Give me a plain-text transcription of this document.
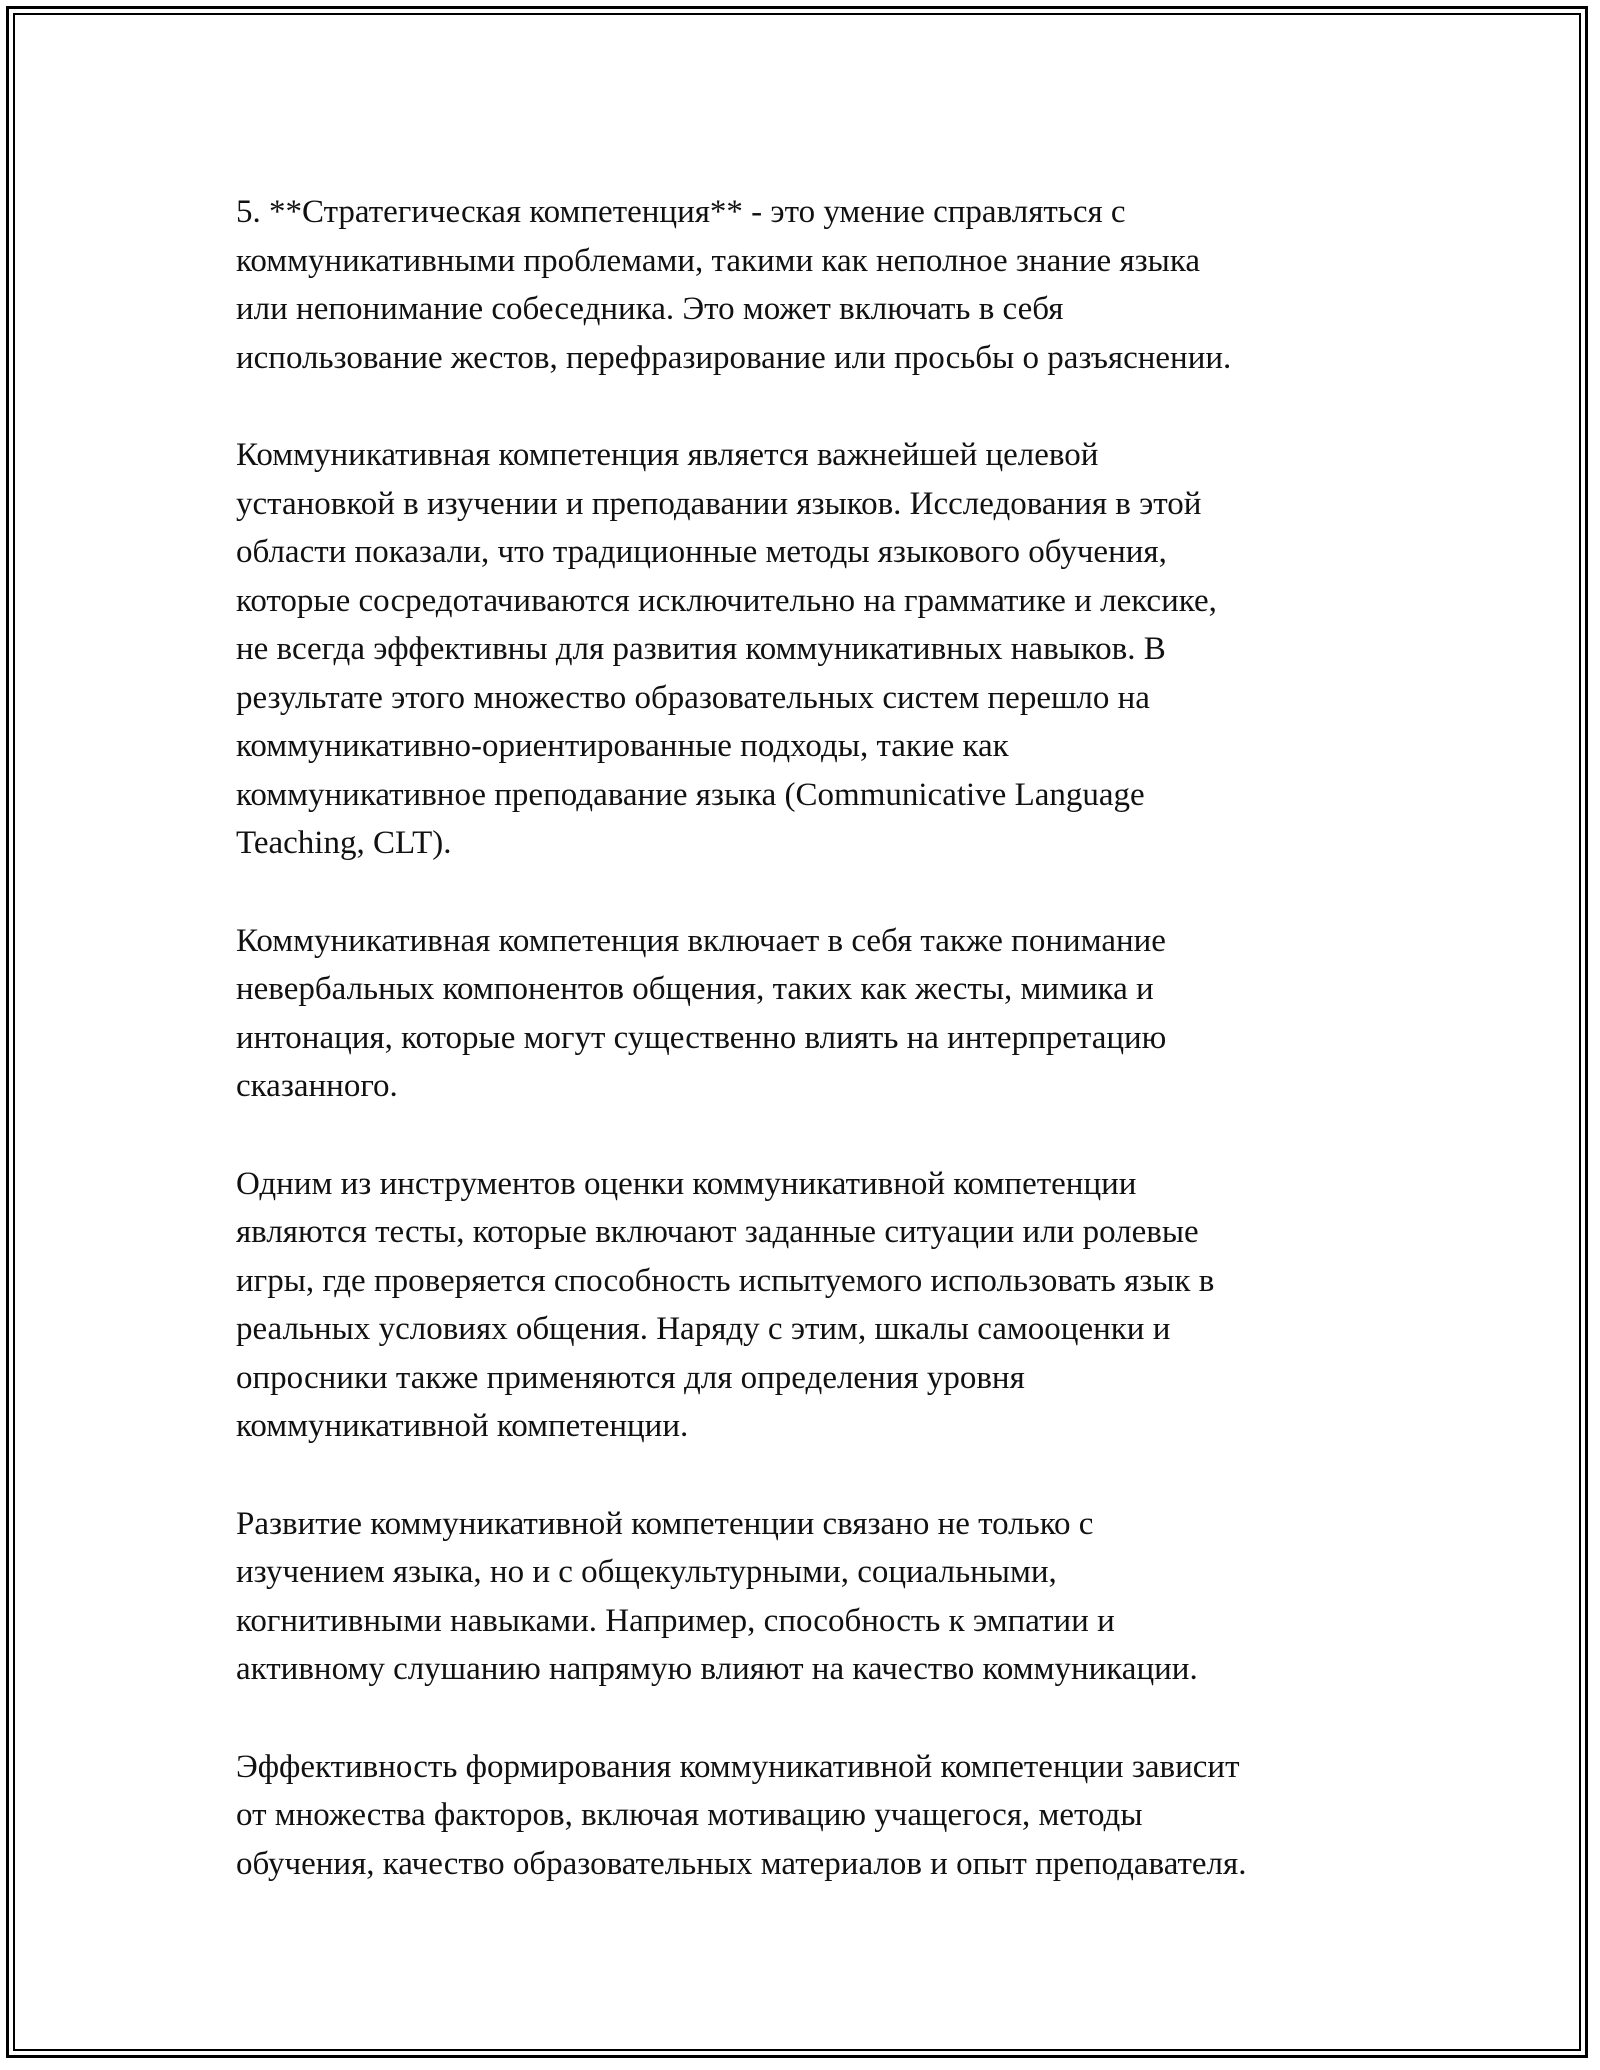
5. **Стратегическая компетенция** - это умение справляться с
коммуникативными проблемами, такими как неполное знание языка
или непонимание собеседника. Это может включать в себя
использование жестов, перефразирование или просьбы о разъяснении.

Коммуникативная компетенция является важнейшей целевой
установкой в изучении и преподавании языков. Исследования в этой
области показали, что традиционные методы языкового обучения,
которые сосредотачиваются исключительно на грамматике и лексике,
не всегда эффективны для развития коммуникативных навыков. В
результате этого множество образовательных систем перешло на
коммуникативно-ориентированные подходы, такие как
коммуникативное преподавание языка (Communicative Language
Teaching, CLT).

Коммуникативная компетенция включает в себя также понимание
невербальных компонентов общения, таких как жесты, мимика и
интонация, которые могут существенно влиять на интерпретацию
сказанного.

Одним из инструментов оценки коммуникативной компетенции
являются тесты, которые включают заданные ситуации или ролевые
игры, где проверяется способность испытуемого использовать язык в
реальных условиях общения. Наряду с этим, шкалы самооценки и
опросники также применяются для определения уровня
коммуникативной компетенции.

Развитие коммуникативной компетенции связано не только с
изучением языка, но и с общекультурными, социальными,
когнитивными навыками. Например, способность к эмпатии и
активному слушанию напрямую влияют на качество коммуникации.

Эффективность формирования коммуникативной компетенции зависит
от множества факторов, включая мотивацию учащегося, методы
обучения, качество образовательных материалов и опыт преподавателя.
